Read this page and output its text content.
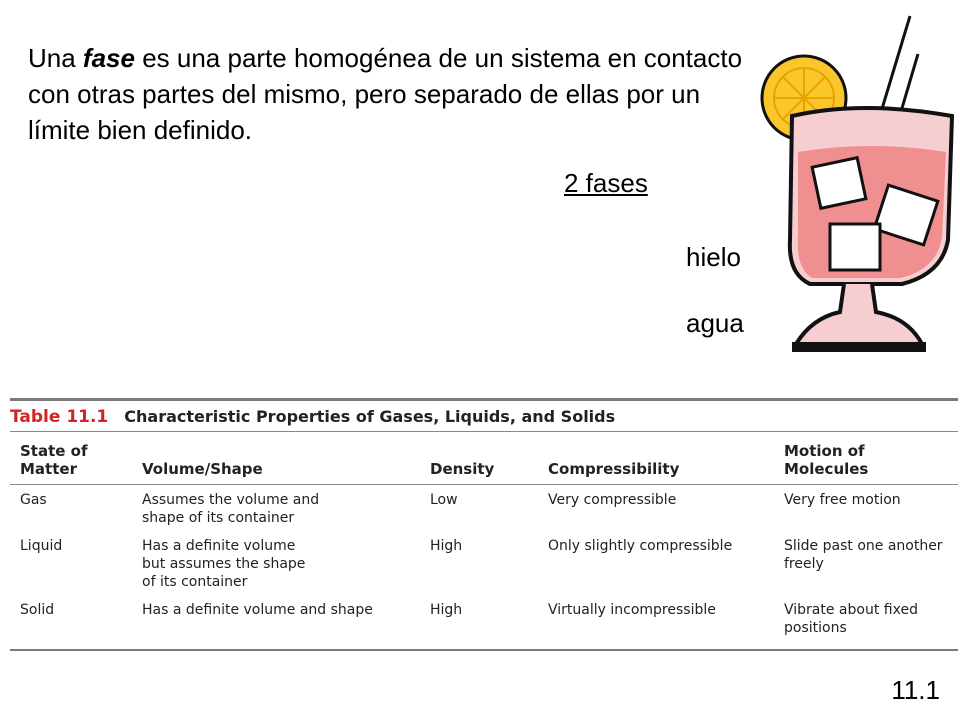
Una fase es una parte homogénea de un sistema en contacto con otras partes del mismo, pero separado de ellas por un límite bien definido.

2 fases
hielo
agua
Table 11.1 Characteristic Properties of Gases, Liquids, and Solids
State of
Matter	Volume/Shape	Density	Compressibility	Motion of Molecules
Gas	Assumes the volume and
shape of its container	Low	Very compressible	Very free motion
Liquid	Has a definite volume
but assumes the shape
of its container	High	Only slightly compressible	Slide past one another freely
Solid	Has a definite volume and shape	High	Virtually incompressible	Vibrate about fixed positions
11.1
